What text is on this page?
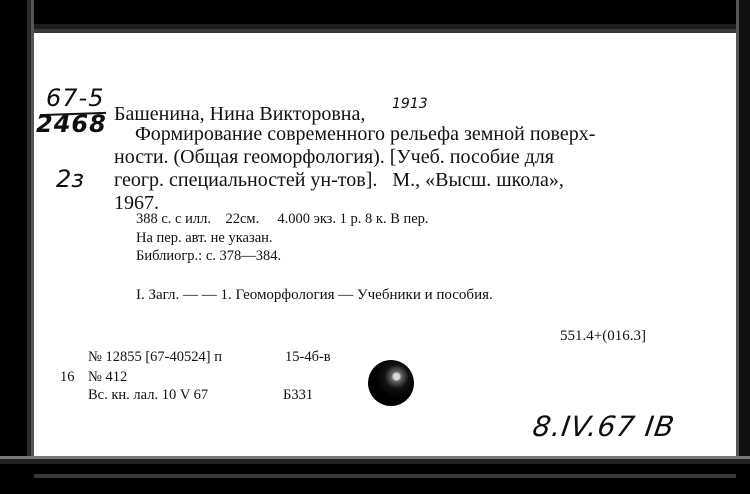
67-5
2468
2з
1913
Башенина, Нина Викторовна,
Формирование современного рельефа земной поверх-
ности. (Общая геоморфология). [Учеб. пособие для
геогр. специальностей ун-тов].   М., «Высш. школа»,
1967.
388 с. с илл.    22см.     4.000 экз. 1 р. 8 к. В пер.
На пер. авт. не указан.
Библиогр.: с. 378—384.
I. Загл. — — 1. Геоморфология — Учебники и пособия.
551.4+(016.3]
№ 12855 [67-40524] п	15-4б-в
16 № 412
Вс. кн. лал. 10 V 67	Б331
8.IV.67 IB
